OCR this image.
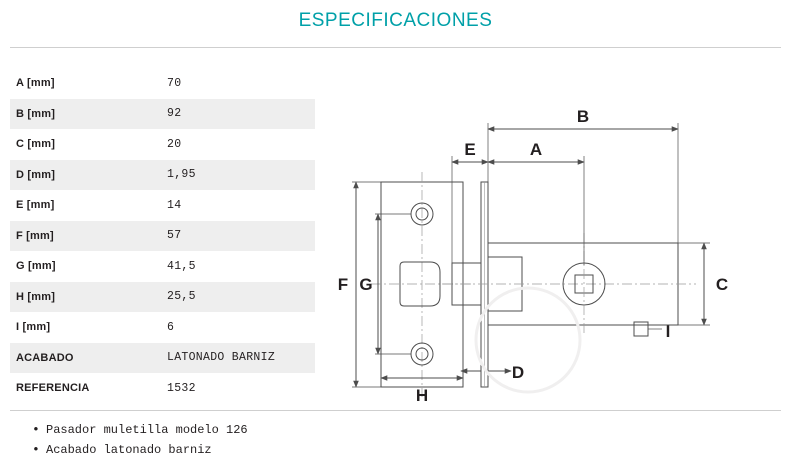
ESPECIFICACIONES
A [mm]	70
B [mm]	92
C [mm]	20
D [mm]	1,95
E [mm]	14
F [mm]	57
G [mm]	41,5
H [mm]	25,5
I [mm]	6
ACABADO	LATONADO BARNIZ
REFERENCIA	1532
F G
H
B
A
E
C
D
I
• Pasador muletilla modelo 126
• Acabado latonado barniz
